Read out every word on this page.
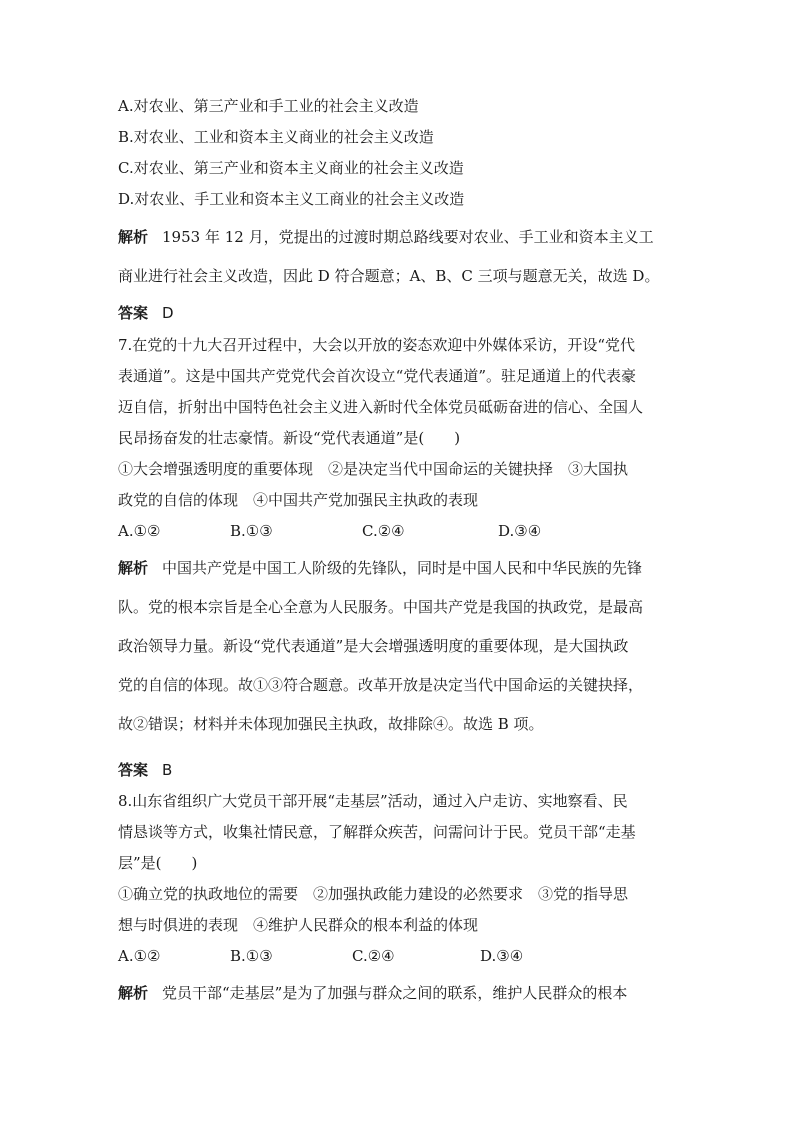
A.对农业、第三产业和手工业的社会主义改造
B.对农业、工业和资本主义商业的社会主义改造
C.对农业、第三产业和资本主义商业的社会主义改造
D.对农业、手工业和资本主义工商业的社会主义改造
解析 1953 年 12 月，党提出的过渡时期总路线要对农业、手工业和资本主义工
商业进行社会主义改造，因此 D 符合题意；A、B、C 三项与题意无关，故选 D。
答案 D
7.在党的十九大召开过程中，大会以开放的姿态欢迎中外媒体采访，开设“党代
表通道”。这是中国共产党党代会首次设立“党代表通道”。驻足通道上的代表豪
迈自信，折射出中国特色社会主义进入新时代全体党员砥砺奋进的信心、全国人
民昂扬奋发的壮志豪情。新设“党代表通道”是(　　)
①大会增强透明度的重要体现　②是决定当代中国命运的关键抉择　③大国执
政党的自信的体现　④中国共产党加强民主执政的表现
A.①②	B.①③	C.②④	D.③④
解析 中国共产党是中国工人阶级的先锋队，同时是中国人民和中华民族的先锋
队。党的根本宗旨是全心全意为人民服务。中国共产党是我国的执政党，是最高
政治领导力量。新设“党代表通道”是大会增强透明度的重要体现，是大国执政
党的自信的体现。故①③符合题意。改革开放是决定当代中国命运的关键抉择，
故②错误；材料并未体现加强民主执政，故排除④。故选 B 项。
答案 B
8.山东省组织广大党员干部开展“走基层”活动，通过入户走访、实地察看、民
情恳谈等方式，收集社情民意，了解群众疾苦，问需问计于民。党员干部“走基
层”是(　　)
①确立党的执政地位的需要　②加强执政能力建设的必然要求　③党的指导思
想与时俱进的表现　④维护人民群众的根本利益的体现
A.①②	B.①③	C.②④	D.③④
解析 党员干部“走基层”是为了加强与群众之间的联系，维护人民群众的根本
